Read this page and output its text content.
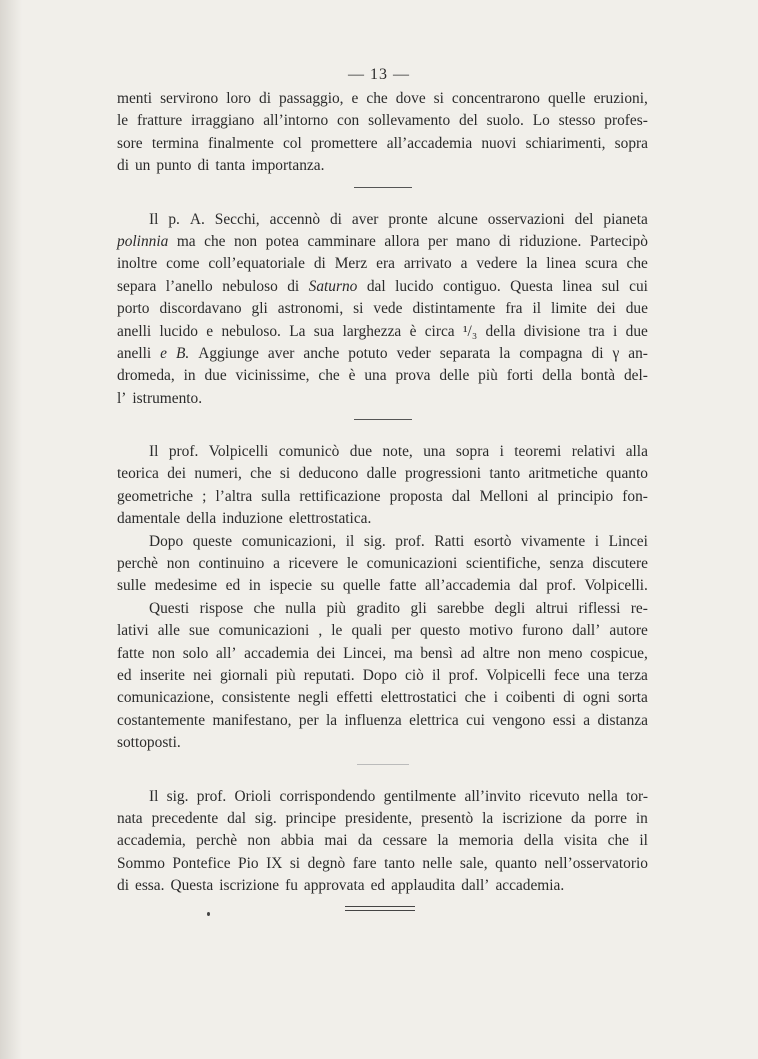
— 13 —
menti servirono loro di passaggio, e che dove si concentrarono quelle eruzioni,
le fratture irraggiano all’intorno con sollevamento del suolo. Lo stesso profes-
sore termina finalmente col promettere all’accademia nuovi schiarimenti, sopra
di un punto di tanta importanza.
Il p. A. Secchi, accennò di aver pronte alcune osservazioni del pianeta
polinnia ma che non potea camminare allora per mano di riduzione. Partecipò
inoltre come coll’equatoriale di Merz era arrivato a vedere la linea scura che
separa l’anello nebuloso di Saturno dal lucido contiguo. Questa linea sul cui
porto discordavano gli astronomi, si vede distintamente fra il limite dei due
anelli lucido e nebuloso. La sua larghezza è circa ¹/₃ della divisione tra i due
anelli e B. Aggiunge aver anche potuto veder separata la compagna di γ an-
dromeda, in due vicinissime, che è una prova delle più forti della bontà del-
l’ istrumento.
Il prof. Volpicelli comunicò due note, una sopra i teoremi relativi alla
teorica dei numeri, che si deducono dalle progressioni tanto aritmetiche quanto
geometriche ; l’altra sulla rettificazione proposta dal Melloni al principio fon-
damentale della induzione elettrostatica.
Dopo queste comunicazioni, il sig. prof. Ratti esortò vivamente i Lincei
perchè non continuino a ricevere le comunicazioni scientifiche, senza discutere
sulle medesime ed in ispecie su quelle fatte all’accademia dal prof. Volpicelli.
Questi rispose che nulla più gradito gli sarebbe degli altrui riflessi re-
lativi alle sue comunicazioni , le quali per questo motivo furono dall’ autore
fatte non solo all’ accademia dei Lincei, ma bensì ad altre non meno cospicue,
ed inserite nei giornali più reputati. Dopo ciò il prof. Volpicelli fece una terza
comunicazione, consistente negli effetti elettrostatici che i coibenti di ogni sorta
costantemente manifestano, per la influenza elettrica cui vengono essi a distanza
sottoposti.
Il sig. prof. Orioli corrispondendo gentilmente all’invito ricevuto nella tor-
nata precedente dal sig. principe presidente, presentò la iscrizione da porre in
accademia, perchè non abbia mai da cessare la memoria della visita che il
Sommo Pontefice Pio IX si degnò fare tanto nelle sale, quanto nell’osservatorio
di essa. Questa iscrizione fu approvata ed applaudita dall’ accademia.
